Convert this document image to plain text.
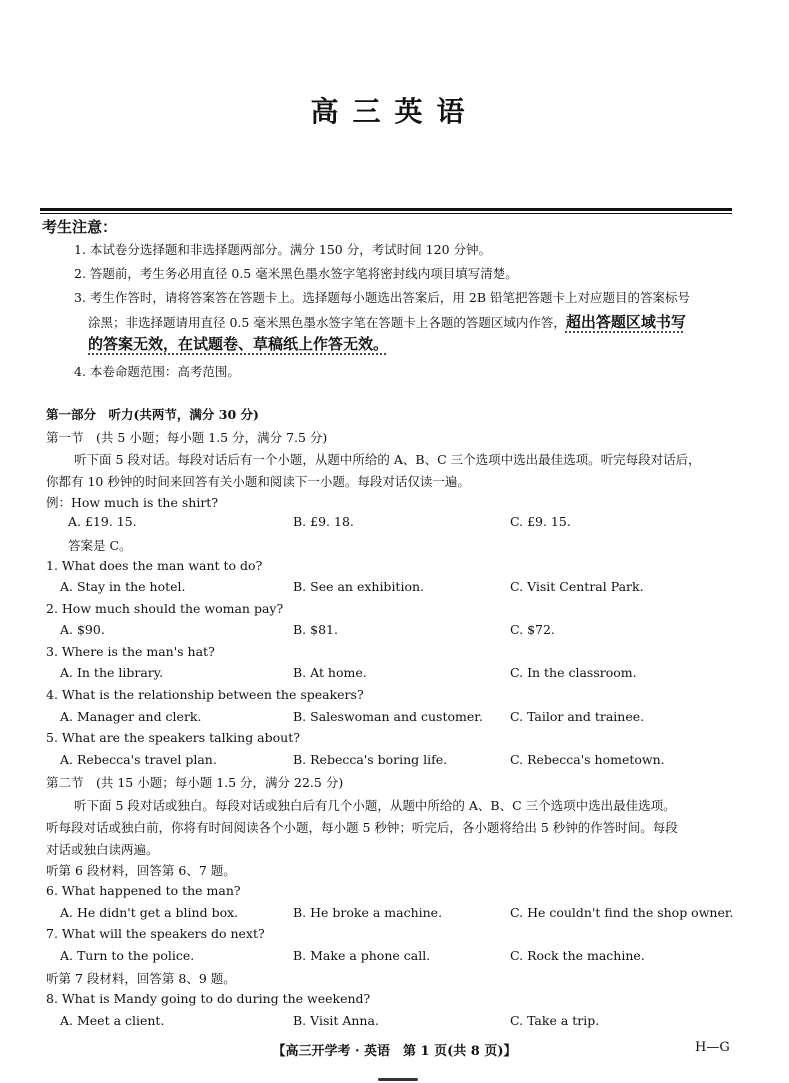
高三英语
考生注意：
1. 本试卷分选择题和非选择题两部分。满分 150 分，考试时间 120 分钟。
2. 答题前，考生务必用直径 0.5 毫米黑色墨水签字笔将密封线内项目填写清楚。
3. 考生作答时，请将答案答在答题卡上。选择题每小题选出答案后，用 2B 铅笔把答题卡上对应题目的答案标号
涂黑；非选择题请用直径 0.5 毫米黑色墨水签字笔在答题卡上各题的答题区域内作答，超出答题区域书写
的答案无效，在试题卷、草稿纸上作答无效。
4. 本卷命题范围：高考范围。
第一部分　听力(共两节，满分 30 分)
第一节　(共 5 小题；每小题 1.5 分，满分 7.5 分)
听下面 5 段对话。每段对话后有一个小题，从题中所给的 A、B、C 三个选项中选出最佳选项。听完每段对话后，
你都有 10 秒钟的时间来回答有关小题和阅读下一小题。每段对话仅读一遍。
例：How much is the shirt?
A. £19. 15.	B. £9. 18.	C. £9. 15.
答案是 C。
1. What does the man want to do?
A. Stay in the hotel.	B. See an exhibition.	C. Visit Central Park.
2. How much should the woman pay?
A. $90.	B. $81.	C. $72.
3. Where is the man's hat?
A. In the library.	B. At home.	C. In the classroom.
4. What is the relationship between the speakers?
A. Manager and clerk.	B. Saleswoman and customer. C. Tailor and trainee.
5. What are the speakers talking about?
A. Rebecca's travel plan.	B. Rebecca's boring life.	C. Rebecca's hometown.
第二节　(共 15 小题；每小题 1.5 分，满分 22.5 分)
听下面 5 段对话或独白。每段对话或独白后有几个小题，从题中所给的 A、B、C 三个选项中选出最佳选项。
听每段对话或独白前，你将有时间阅读各个小题，每小题 5 秒钟；听完后，各小题将给出 5 秒钟的作答时间。每段
对话或独白读两遍。
听第 6 段材料，回答第 6、7 题。
6. What happened to the man?
A. He didn't get a blind box.	B. He broke a machine.	C. He couldn't find the shop owner.
7. What will the speakers do next?
A. Turn to the police.	B. Make a phone call.	C. Rock the machine.
听第 7 段材料，回答第 8、9 题。
8. What is Mandy going to do during the weekend?
A. Meet a client.	B. Visit Anna.	C. Take a trip.
【高三开学考 · 英语　第 1 页(共 8 页)】	H—G
